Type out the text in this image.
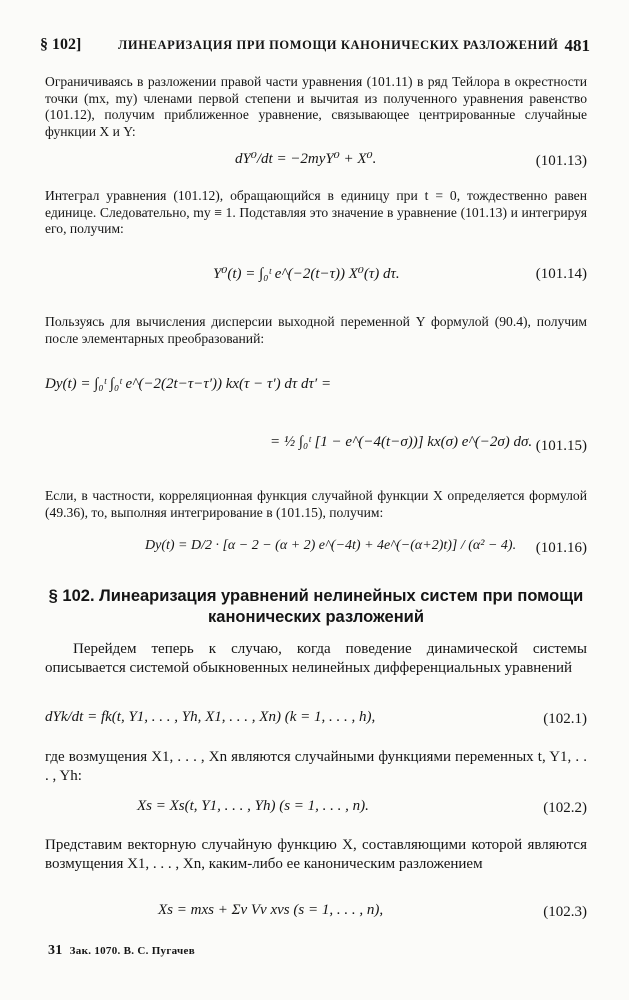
§ 102]	ЛИНЕАРИЗАЦИЯ ПРИ ПОМОЩИ КАНОНИЧЕСКИХ РАЗЛОЖЕНИЙ 481
Ограничиваясь в разложении правой части уравнения (101.11) в ряд Тейлора в окрестности точки (mx, my) членами первой степени и вычитая из полученного уравнения равенство (101.12), получим приближенное уравнение, связывающее центрированные случайные функции X и Y:
dY⁰/dt = −2myY⁰ + X⁰.	(101.13)
Интеграл уравнения (101.12), обращающийся в единицу при t = 0, тождественно равен единице. Следовательно, my ≡ 1. Подставляя это значение в уравнение (101.13) и интегрируя его, получим:
Y⁰(t) = ∫₀ᵗ e^(−2(t−τ)) X⁰(τ) dτ.	(101.14)
Пользуясь для вычисления дисперсии выходной переменной Y формулой (90.4), получим после элементарных преобразований:
Dy(t) = ∫₀ᵗ ∫₀ᵗ e^(−2(2t−τ−τ′)) kx(τ − τ′) dτ dτ′ =
= ½ ∫₀ᵗ [1 − e^(−4(t−σ))] kx(σ) e^(−2σ) dσ. (101.15)
Если, в частности, корреляционная функция случайной функции X определяется формулой (49.36), то, выполняя интегрирование в (101.15), получим:
Dy(t) = D/2 · [α − 2 − (α + 2) e^(−4t) + 4e^(−(α+2)t)] / (α² − 4). (101.16)
§ 102. Линеаризация уравнений нелинейных систем при помощи
канонических разложений
Перейдем теперь к случаю, когда поведение динамической системы описывается системой обыкновенных нелинейных дифференциальных уравнений
dYk/dt = fk(t, Y1, . . . , Yh, X1, . . . , Xn) (k = 1, . . . , h),	(102.1)
где возмущения X1, . . . , Xn являются случайными функциями переменных t, Y1, . . . , Yh:
Xs = Xs(t, Y1, . . . , Yh) (s = 1, . . . , n).	(102.2)
Представим векторную случайную функцию X, составляющими которой являются возмущения X1, . . . , Xn, каким-либо ее каноническим разложением
Xs = mxs + Σν Vν xνs (s = 1, . . . , n),	(102.3)
31 Зак. 1070. В. С. Пугачев
